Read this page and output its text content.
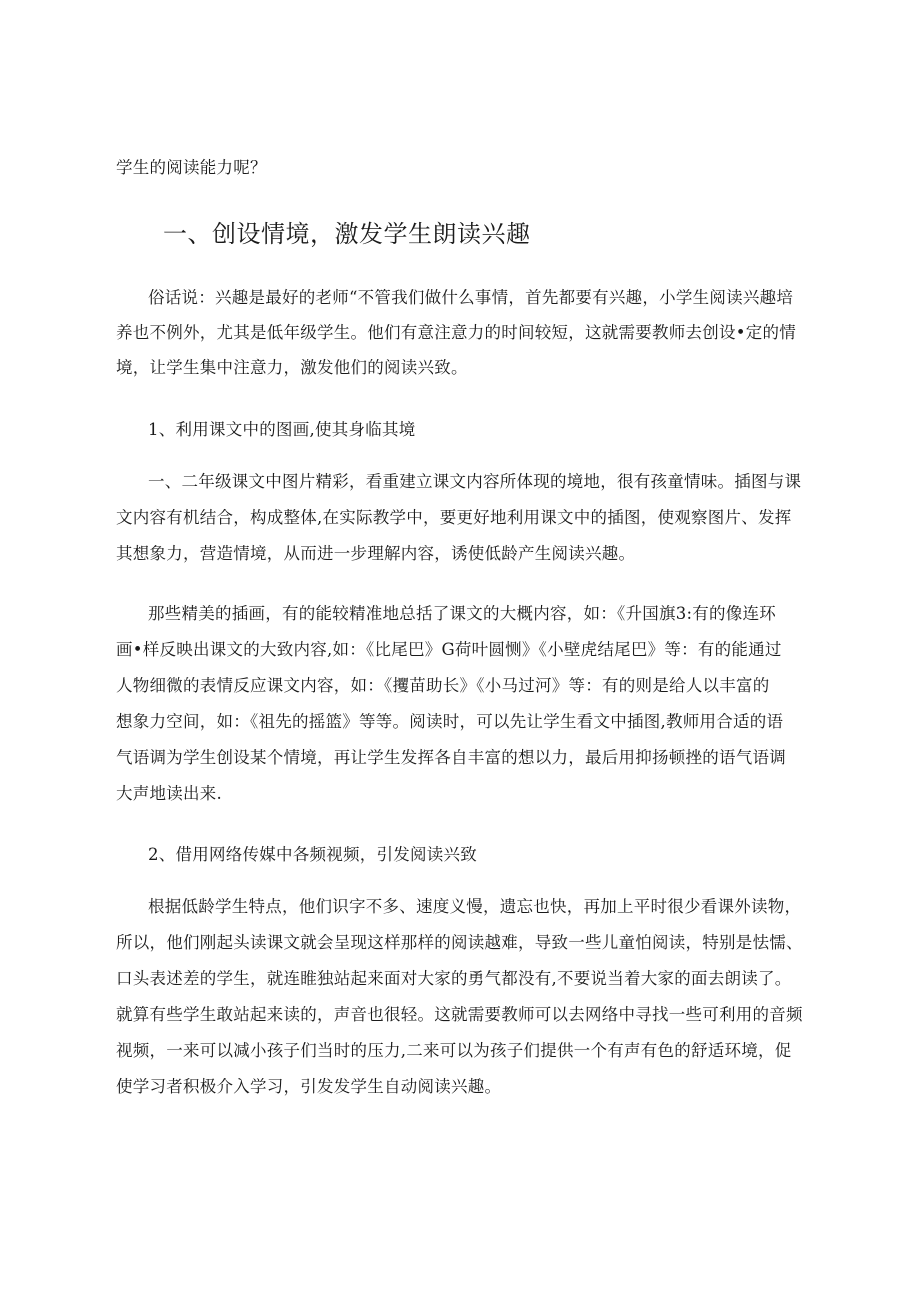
学生的阅读能力呢？
一、创设情境，激发学生朗读兴趣
俗话说：兴趣是最好的老师“不管我们做什么事情，首先都要有兴趣，小学生阅读兴趣培
养也不例外，尤其是低年级学生。他们有意注意力的时间较短，这就需要教师去创设•定的情
境，让学生集中注意力，激发他们的阅读兴致。
1、利用课文中的图画,使其身临其境
一、二年级课文中图片精彩，看重建立课文内容所体现的境地，很有孩童情味。插图与课
文内容有机结合，构成整体,在实际教学中，要更好地利用课文中的插图，使观察图片、发挥
其想象力，营造情境，从而进一步理解内容，诱使低龄产生阅读兴趣。
那些精美的插画，有的能较精准地总括了课文的大概内容，如：《升国旗3:有的像连环
画•样反映出课文的大致内容,如：《比尾巴》G荷叶圆恻》《小壁虎结尾巴》等：有的能通过
人物细微的表情反应课文内容，如：《攫苗助长》《小马过河》等：有的则是给人以丰富的
想象力空间，如：《祖先的摇篮》等等。阅读时，可以先让学生看文中插图,教师用合适的语
气语调为学生创设某个情境，再让学生发挥各自丰富的想以力，最后用抑扬顿挫的语气语调
大声地读出来.
2、借用网络传媒中各频视频，引发阅读兴致
根据低龄学生特点，他们识字不多、速度义慢，遗忘也快，再加上平时很少看课外读物，
所以，他们刚起头读课文就会呈现这样那样的阅读越难，导致一些儿童怕阅读，特别是怯懦、
口头表述差的学生，就连睢独站起来面对大家的勇气都没有,不要说当着大家的面去朗读了。
就算有些学生敢站起来读的，声音也很轻。这就需要教师可以去网络中寻找一些可利用的音频
视频，一来可以减小孩子们当时的压力,二来可以为孩子们提供一个有声有色的舒适环境，促
使学习者积极介入学习，引发发学生自动阅读兴趣。
